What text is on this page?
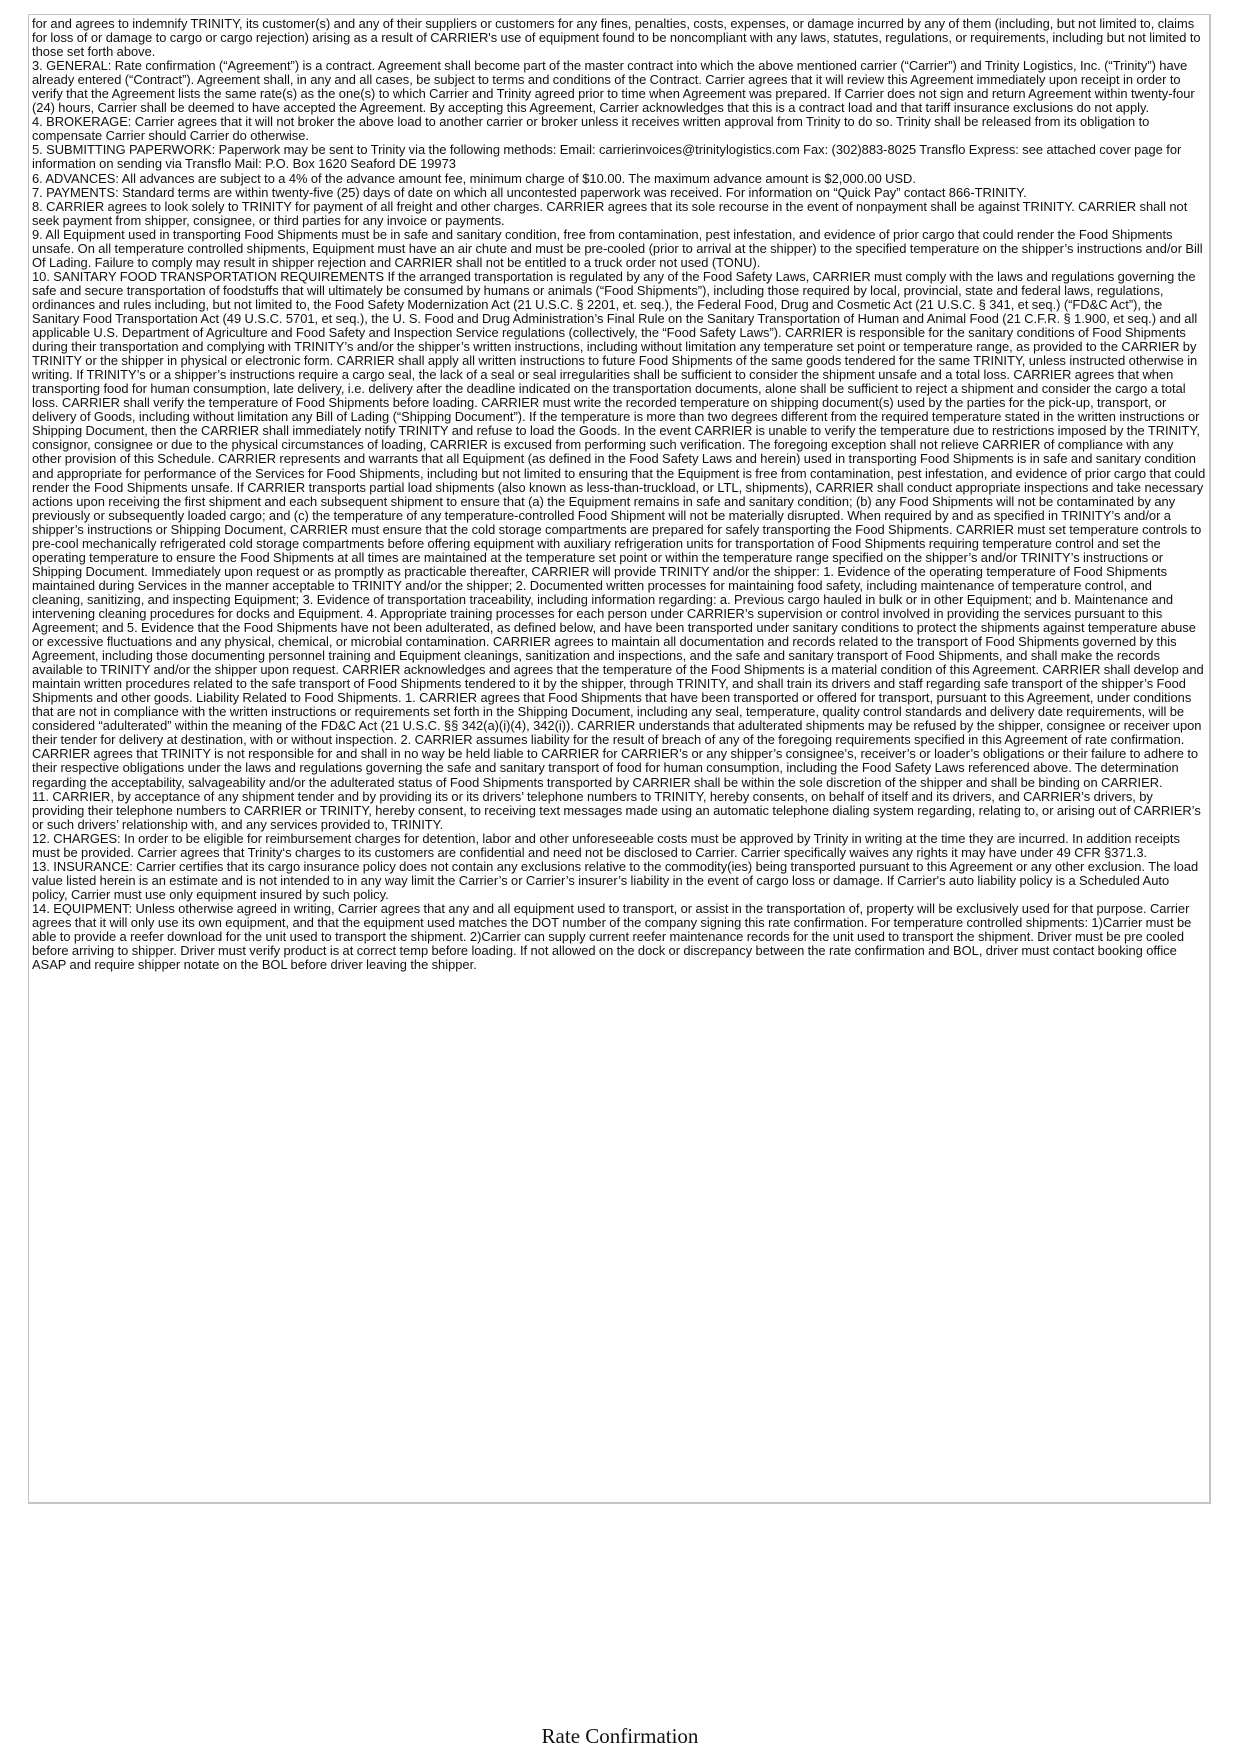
for and agrees to indemnify TRINITY, its customer(s) and any of their suppliers or customers for any fines, penalties, costs, expenses, or damage incurred by any of them (including, but not limited to, claims for loss of or damage to cargo or cargo rejection) arising as a result of CARRIER's use of equipment found to be noncompliant with any laws, statutes, regulations, or requirements, including but not limited to those set forth above.

3. GENERAL: Rate confirmation (“Agreement”) is a contract. Agreement shall become part of the master contract into which the above mentioned carrier (“Carrier”) and Trinity Logistics, Inc. (“Trinity”) have already entered (“Contract”). Agreement shall, in any and all cases, be subject to terms and conditions of the Contract. Carrier agrees that it will review this Agreement immediately upon receipt in order to verify that the Agreement lists the same rate(s) as the one(s) to which Carrier and Trinity agreed prior to time when Agreement was prepared. If Carrier does not sign and return Agreement within twenty-four (24) hours, Carrier shall be deemed to have accepted the Agreement. By accepting this Agreement, Carrier acknowledges that this is a contract load and that tariff insurance exclusions do not apply.

4. BROKERAGE: Carrier agrees that it will not broker the above load to another carrier or broker unless it receives written approval from Trinity to do so. Trinity shall be released from its obligation to compensate Carrier should Carrier do otherwise.

5. SUBMITTING PAPERWORK: Paperwork may be sent to Trinity via the following methods: Email: carrierinvoices@trinitylogistics.com Fax: (302)883-8025 Transflo Express: see attached cover page for information on sending via Transflo Mail: P.O. Box 1620 Seaford DE 19973

6. ADVANCES: All advances are subject to a 4% of the advance amount fee, minimum charge of $10.00. The maximum advance amount is $2,000.00 USD.

7. PAYMENTS: Standard terms are within twenty-five (25) days of date on which all uncontested paperwork was received. For information on “Quick Pay” contact 866-TRINITY.

8. CARRIER agrees to look solely to TRINITY for payment of all freight and other charges. CARRIER agrees that its sole recourse in the event of nonpayment shall be against TRINITY. CARRIER shall not seek payment from shipper, consignee, or third parties for any invoice or payments.

9. All Equipment used in transporting Food Shipments must be in safe and sanitary condition, free from contamination, pest infestation, and evidence of prior cargo that could render the Food Shipments unsafe. On all temperature controlled shipments, Equipment must have an air chute and must be pre-cooled (prior to arrival at the shipper) to the specified temperature on the shipper’s instructions and/or Bill Of Lading. Failure to comply may result in shipper rejection and CARRIER shall not be entitled to a truck order not used (TONU).

10. SANITARY FOOD TRANSPORTATION REQUIREMENTS If the arranged transportation is regulated by any of the Food Safety Laws, CARRIER must comply with the laws and regulations governing the safe and secure transportation of foodstuffs that will ultimately be consumed by humans or animals (“Food Shipments”), including those required by local, provincial, state and federal laws, regulations, ordinances and rules including, but not limited to, the Food Safety Modernization Act (21 U.S.C. § 2201, et. seq.), the Federal Food, Drug and Cosmetic Act (21 U.S.C. § 341, et seq.) (“FD&C Act”), the Sanitary Food Transportation Act (49 U.S.C. 5701, et seq.), the U. S. Food and Drug Administration’s Final Rule on the Sanitary Transportation of Human and Animal Food (21 C.F.R. § 1.900, et seq.) and all applicable U.S. Department of Agriculture and Food Safety and Inspection Service regulations (collectively, the “Food Safety Laws”). CARRIER is responsible for the sanitary conditions of Food Shipments during their transportation and complying with TRINITY’s and/or the shipper’s written instructions, including without limitation any temperature set point or temperature range, as provided to the CARRIER by TRINITY or the shipper in physical or electronic form. CARRIER shall apply all written instructions to future Food Shipments of the same goods tendered for the same TRINITY, unless instructed otherwise in writing. If TRINITY’s or a shipper’s instructions require a cargo seal, the lack of a seal or seal irregularities shall be sufficient to consider the shipment unsafe and a total loss. CARRIER agrees that when transporting food for human consumption, late delivery, i.e. delivery after the deadline indicated on the transportation documents, alone shall be sufficient to reject a shipment and consider the cargo a total loss. CARRIER shall verify the temperature of Food Shipments before loading. CARRIER must write the recorded temperature on shipping document(s) used by the parties for the pick-up, transport, or delivery of Goods, including without limitation any Bill of Lading (“Shipping Document”). If the temperature is more than two degrees different from the required temperature stated in the written instructions or Shipping Document, then the CARRIER shall immediately notify TRINITY and refuse to load the Goods. In the event CARRIER is unable to verify the temperature due to restrictions imposed by the TRINITY, consignor, consignee or due to the physical circumstances of loading, CARRIER is excused from performing such verification. The foregoing exception shall not relieve CARRIER of compliance with any other provision of this Schedule. CARRIER represents and warrants that all Equipment (as defined in the Food Safety Laws and herein) used in transporting Food Shipments is in safe and sanitary condition and appropriate for performance of the Services for Food Shipments, including but not limited to ensuring that the Equipment is free from contamination, pest infestation, and evidence of prior cargo that could render the Food Shipments unsafe. If CARRIER transports partial load shipments (also known as less-than-truckload, or LTL, shipments), CARRIER shall conduct appropriate inspections and take necessary actions upon receiving the first shipment and each subsequent shipment to ensure that (a) the Equipment remains in safe and sanitary condition; (b) any Food Shipments will not be contaminated by any previously or subsequently loaded cargo; and (c) the temperature of any temperature-controlled Food Shipment will not be materially disrupted. When required by and as specified in TRINITY’s and/or a shipper’s instructions or Shipping Document, CARRIER must ensure that the cold storage compartments are prepared for safely transporting the Food Shipments. CARRIER must set temperature controls to pre-cool mechanically refrigerated cold storage compartments before offering equipment with auxiliary refrigeration units for transportation of Food Shipments requiring temperature control and set the operating temperature to ensure the Food Shipments at all times are maintained at the temperature set point or within the temperature range specified on the shipper’s and/or TRINITY’s instructions or Shipping Document. Immediately upon request or as promptly as practicable thereafter, CARRIER will provide TRINITY and/or the shipper: 1. Evidence of the operating temperature of Food Shipments maintained during Services in the manner acceptable to TRINITY and/or the shipper; 2. Documented written processes for maintaining food safety, including maintenance of temperature control, and cleaning, sanitizing, and inspecting Equipment; 3. Evidence of transportation traceability, including information regarding: a. Previous cargo hauled in bulk or in other Equipment; and b. Maintenance and intervening cleaning procedures for docks and Equipment. 4. Appropriate training processes for each person under CARRIER’s supervision or control involved in providing the services pursuant to this Agreement; and 5. Evidence that the Food Shipments have not been adulterated, as defined below, and have been transported under sanitary conditions to protect the shipments against temperature abuse or excessive fluctuations and any physical, chemical, or microbial contamination. CARRIER agrees to maintain all documentation and records related to the transport of Food Shipments governed by this Agreement, including those documenting personnel training and Equipment cleanings, sanitization and inspections, and the safe and sanitary transport of Food Shipments, and shall make the records available to TRINITY and/or the shipper upon request. CARRIER acknowledges and agrees that the temperature of the Food Shipments is a material condition of this Agreement. CARRIER shall develop and maintain written procedures related to the safe transport of Food Shipments tendered to it by the shipper, through TRINITY, and shall train its drivers and staff regarding safe transport of the shipper’s Food Shipments and other goods. Liability Related to Food Shipments. 1. CARRIER agrees that Food Shipments that have been transported or offered for transport, pursuant to this Agreement, under conditions that are not in compliance with the written instructions or requirements set forth in the Shipping Document, including any seal, temperature, quality control standards and delivery date requirements, will be considered “adulterated” within the meaning of the FD&C Act (21 U.S.C. §§ 342(a)(i)(4), 342(i)). CARRIER understands that adulterated shipments may be refused by the shipper, consignee or receiver upon their tender for delivery at destination, with or without inspection. 2. CARRIER assumes liability for the result of breach of any of the foregoing requirements specified in this Agreement of rate confirmation. CARRIER agrees that TRINITY is not responsible for and shall in no way be held liable to CARRIER for CARRIER’s or any shipper’s consignee’s, receiver’s or loader’s obligations or their failure to adhere to their respective obligations under the laws and regulations governing the safe and sanitary transport of food for human consumption, including the Food Safety Laws referenced above. The determination regarding the acceptability, salvageability and/or the adulterated status of Food Shipments transported by CARRIER shall be within the sole discretion of the shipper and shall be binding on CARRIER.

11. CARRIER, by acceptance of any shipment tender and by providing its or its drivers’ telephone numbers to TRINITY, hereby consents, on behalf of itself and its drivers, and CARRIER’s drivers, by providing their telephone numbers to CARRIER or TRINITY, hereby consent, to receiving text messages made using an automatic telephone dialing system regarding, relating to, or arising out of CARRIER’s or such drivers’ relationship with, and any services provided to, TRINITY.

12. CHARGES: In order to be eligible for reimbursement charges for detention, labor and other unforeseeable costs must be approved by Trinity in writing at the time they are incurred. In addition receipts must be provided. Carrier agrees that Trinity‘s charges to its customers are confidential and need not be disclosed to Carrier. Carrier specifically waives any rights it may have under 49 CFR §371.3.

13. INSURANCE: Carrier certifies that its cargo insurance policy does not contain any exclusions relative to the commodity(ies) being transported pursuant to this Agreement or any other exclusion. The load value listed herein is an estimate and is not intended to in any way limit the Carrier’s or Carrier’s insurer’s liability in the event of cargo loss or damage. If Carrier's auto liability policy is a Scheduled Auto policy, Carrier must use only equipment insured by such policy.

14. EQUIPMENT: Unless otherwise agreed in writing, Carrier agrees that any and all equipment used to transport, or assist in the transportation of, property will be exclusively used for that purpose. Carrier agrees that it will only use its own equipment, and that the equipment used matches the DOT number of the company signing this rate confirmation. For temperature controlled shipments: 1)Carrier must be able to provide a reefer download for the unit used to transport the shipment. 2)Carrier can supply current reefer maintenance records for the unit used to transport the shipment. Driver must be pre cooled before arriving to shipper. Driver must verify product is at correct temp before loading. If not allowed on the dock or discrepancy between the rate confirmation and BOL, driver must contact booking office ASAP and require shipper notate on the BOL before driver leaving the shipper.

Rate Confirmation
